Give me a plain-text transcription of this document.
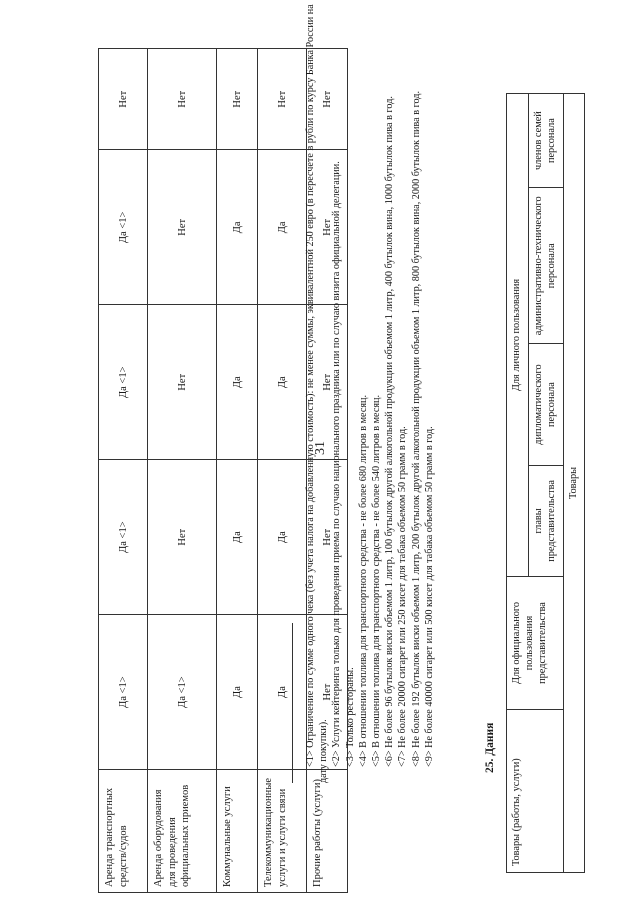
31
Аренда транспортных средств/судов	Да <1>	Да <1>	Да <1>	Да <1>	Нет
Аренда оборудования для проведения официальных приемов	Да <1>	Нет	Нет	Нет	Нет
Коммунальные услуги	Да	Да	Да	Да	Нет
Телекоммуникационные услуги и услуги связи	Да	Да	Да	Да	Нет
Прочие работы (услуги)	Нет	Нет	Нет	Нет	Нет

<1> Ограничение по сумме одного чека (без учета налога на добавленную стоимость): не менее суммы, эквивалентной 250 евро (в пересчете в рубли по курсу Банка России на дату покупки). <2> Услуги кейтеринга только для проведения приема по случаю национального праздника или по случаю визита официальной делегации. <3> Только рестораны. <4> В отношении топлива для транспортного средства - не более 680 литров в месяц. <5> В отношении топлива для транспортного средства - не более 540 литров в месяц. <6> Не более 96 бутылок виски объемом 1 литр, 100 бутылок другой алкогольной продукции объемом 1 литр, 400 бутылок вина, 1000 бутылок пива в год. <7> Не более 20000 сигарет или 250 кисет для табака объемом 50 грамм в год. <8> Не более 192 бутылок виски объемом 1 литр, 200 бутылок другой алкогольной продукции объемом 1 литр, 800 бутылок вина, 2000 бутылок пива в год. <9> Не более 40000 сигарет или 500 кисет для табака объемом 50 грамм в год.	25. Дания
Товары (работы, услуги)	Для официального пользования представительства	Для личного пользования			
		главы представительства	дипломатического персонала	административно-технического персонала	членов семей персонала
Товары					
